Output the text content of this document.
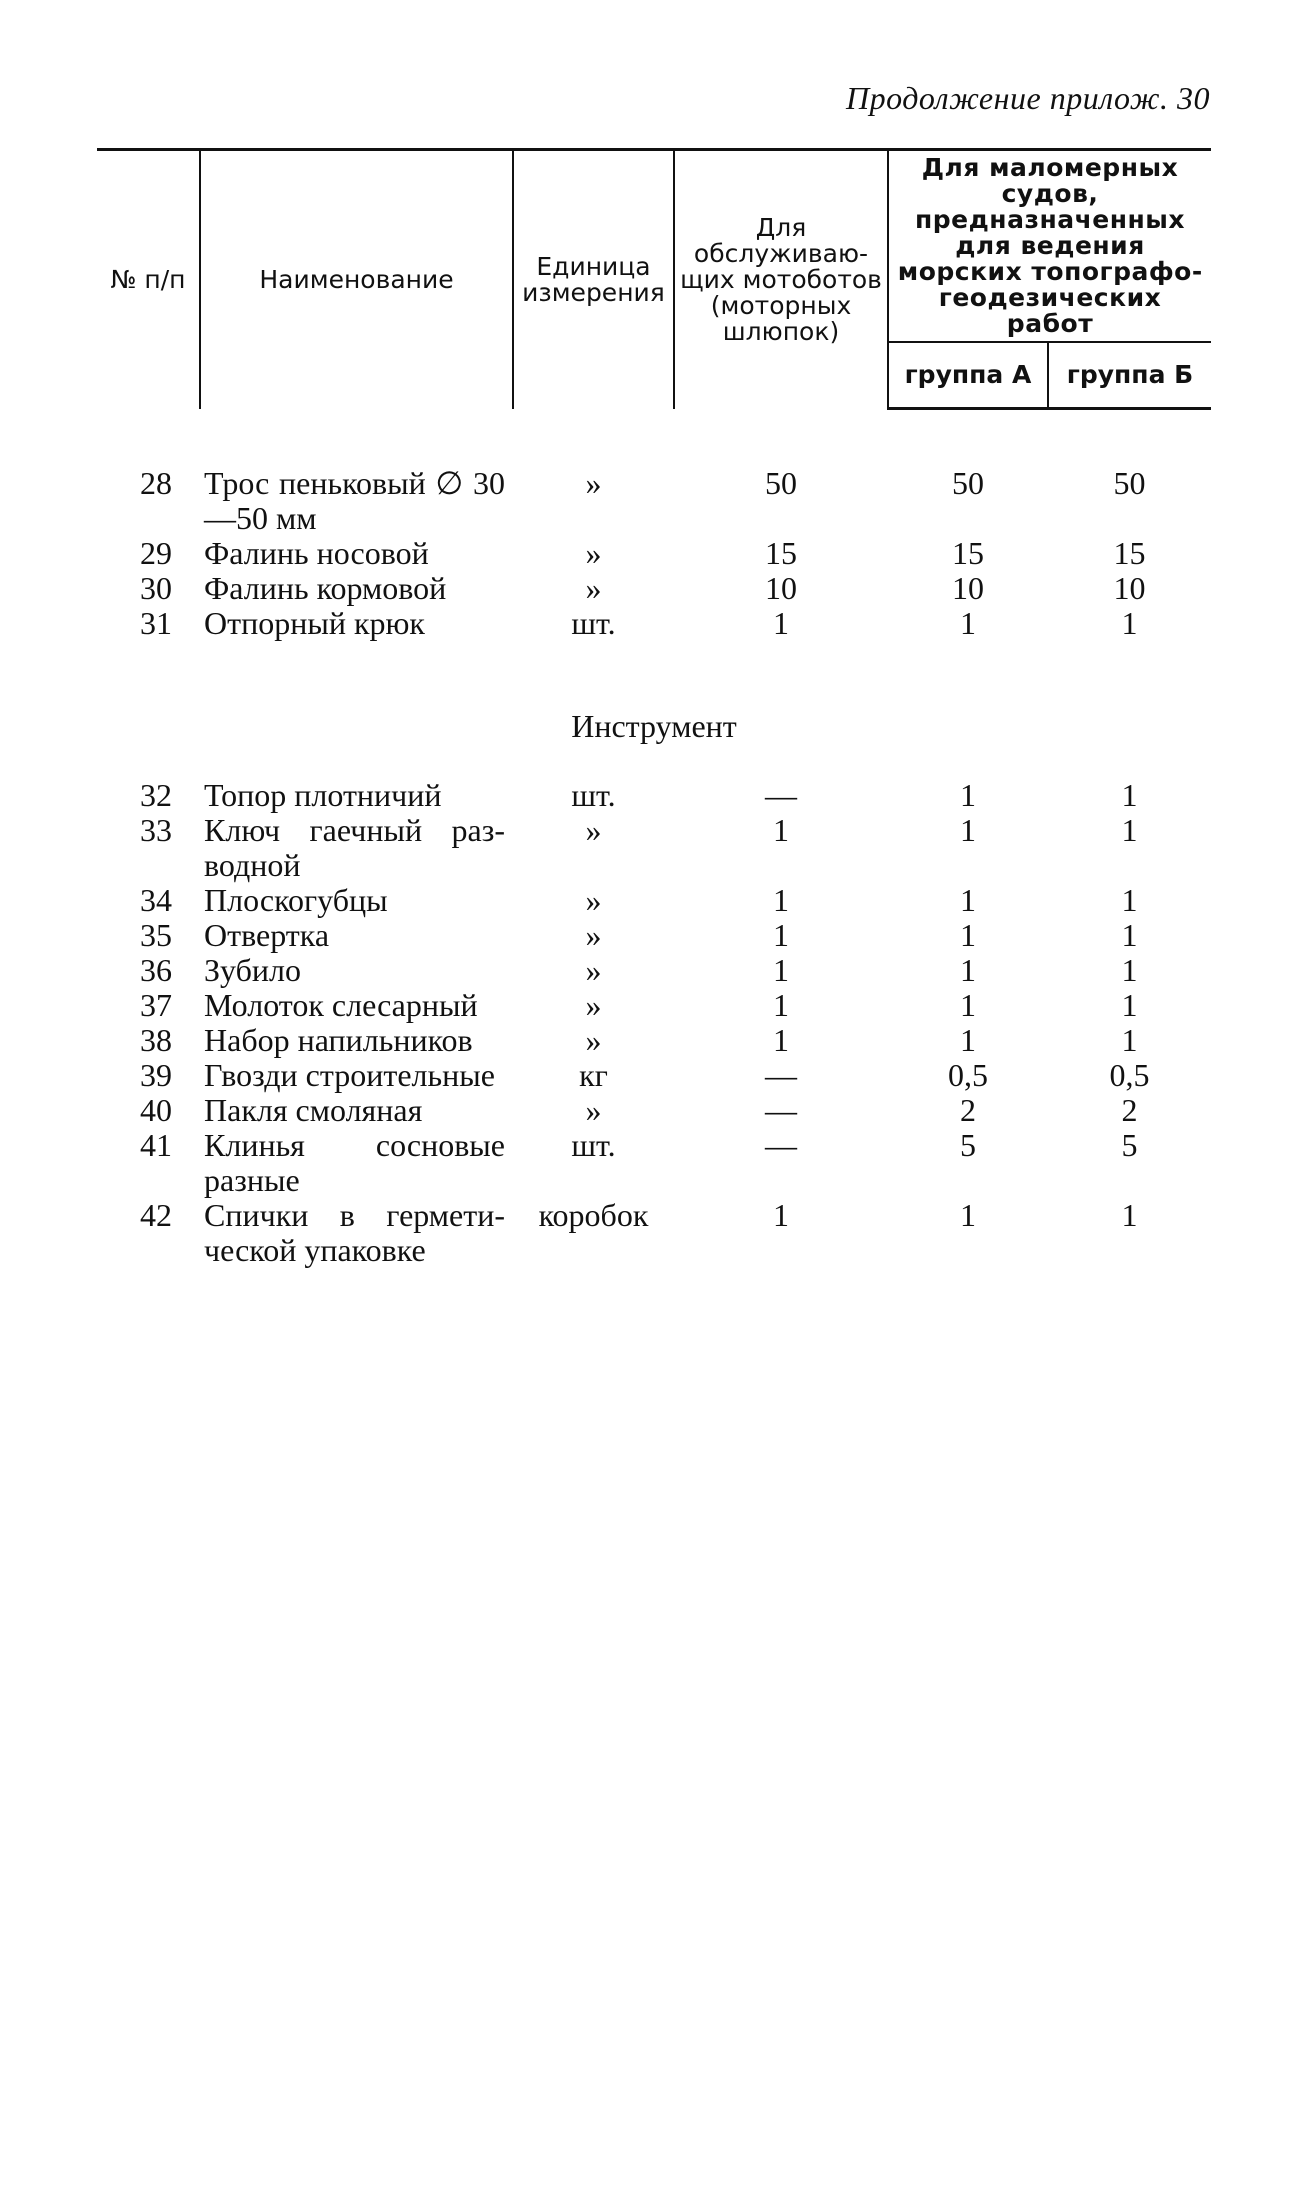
Продолжение прилож. 30
№ п/п	Наименование	Единица измерения	Для обслуживающих мотоботов (моторных шлюпок)	Для маломерных судов, предназначенных для ведения морских топографогеодезических работ	
				группа А	группа Б

28	Трос пеньковый ∅ 30—50 мм	»	50	50	50
29	Фалинь носовой	»	15	15	15
30	Фалинь кормовой	»	10	10	10
31	Отпорный крюк	шт.	1	1	1
Инструмент					
32	Топор плотничий	шт.	—	1	1
33	Ключ гаечный разводной	»	1	1	1
34	Плоскогубцы	»	1	1	1
35	Отвертка	»	1	1	1
36	Зубило	»	1	1	1
37	Молоток слесарный	»	1	1	1
38	Набор напильников	»	1	1	1
39	Гвозди строительные	кг	—	0,5	0,5
40	Пакля смоляная	»	—	2	2
41	Клинья сосновые разные	шт.	—	5	5
42	Спички в герметической упаковке	коробок	1	1	1
